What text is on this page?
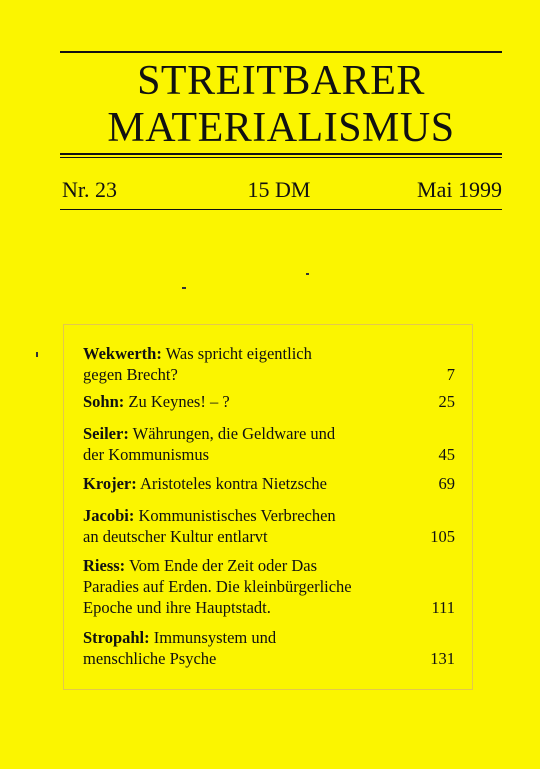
STREITBARER
MATERIALISMUS
Nr. 23	15 DM	Mai 1999
Wekwerth: Was spricht eigentlich
gegen Brecht?	7
Sohn: Zu Keynes! – ?	25
Seiler: Währungen, die Geldware und
der Kommunismus	45
Krojer: Aristoteles kontra Nietzsche	69
Jacobi: Kommunistisches Verbrechen
an deutscher Kultur entlarvt	105
Riess: Vom Ende der Zeit oder Das
Paradies auf Erden. Die kleinbürgerliche
Epoche und ihre Hauptstadt.	111
Stropahl: Immunsystem und
menschliche Psyche	131
